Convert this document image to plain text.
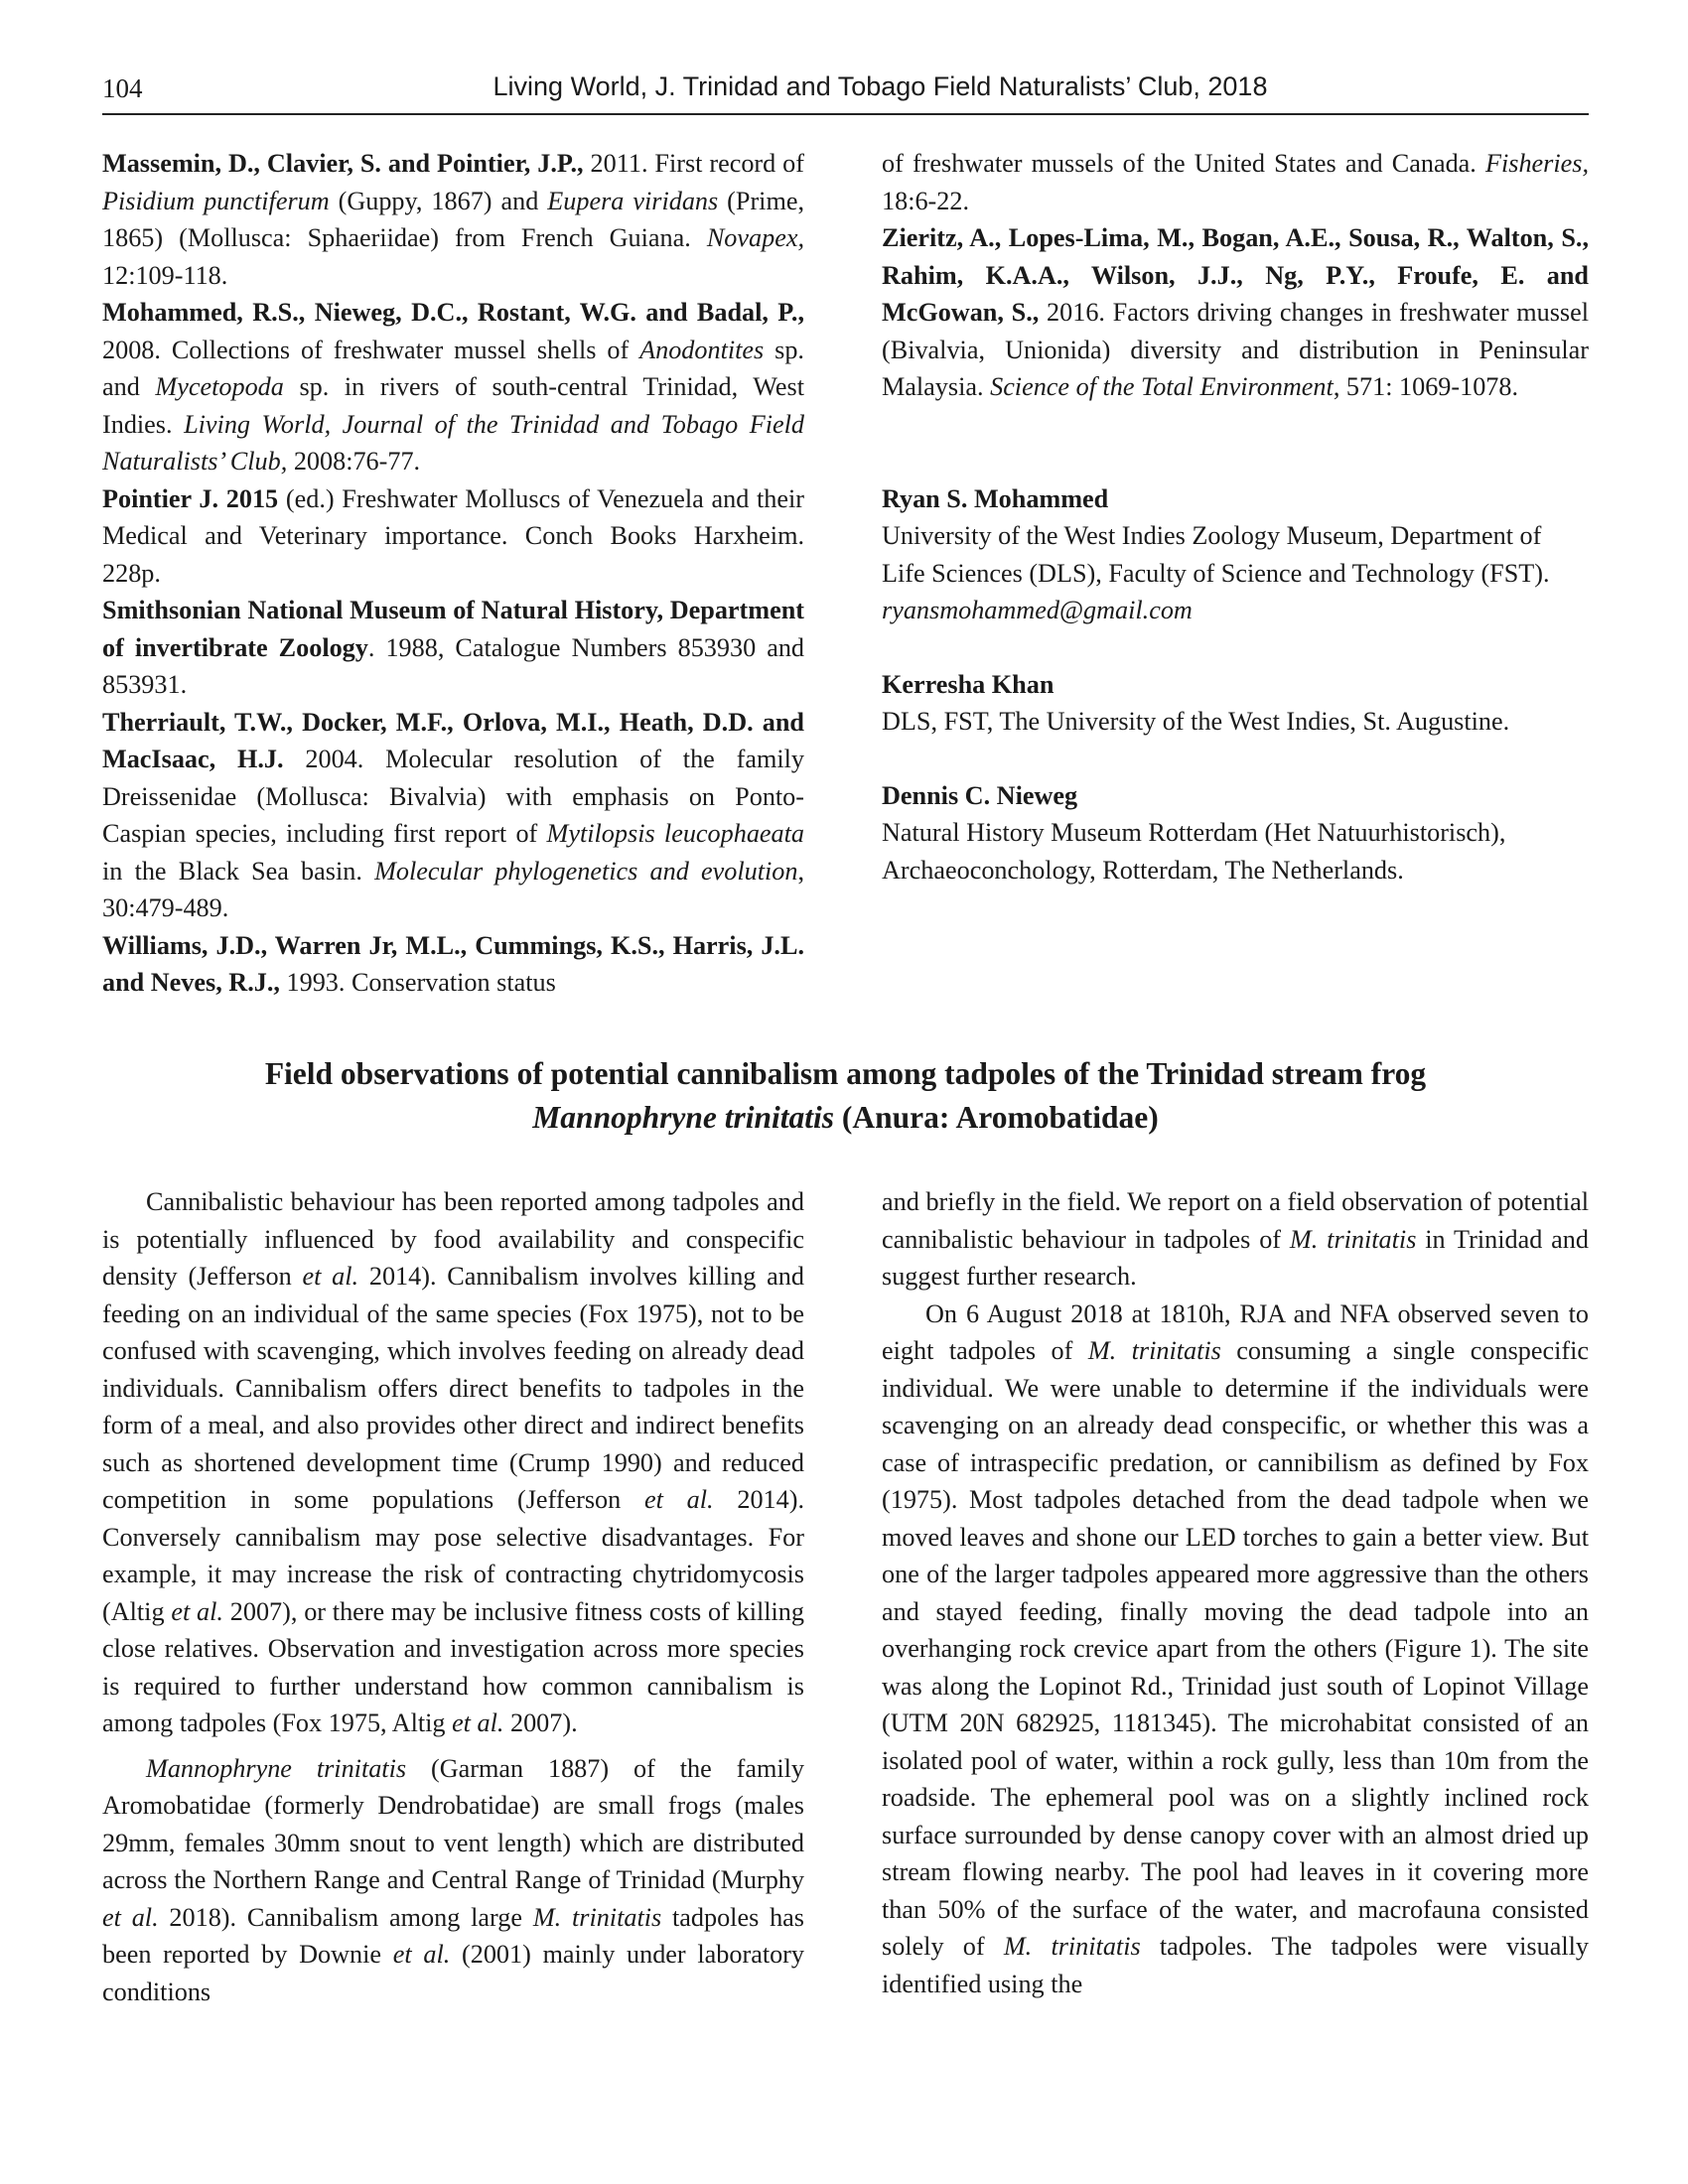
104	Living World, J. Trinidad and Tobago Field Naturalists’ Club, 2018

Massemin, D., Clavier, S. and Pointier, J.P., 2011. First record of Pisidium punctiferum (Guppy, 1867) and Eupera viridans (Prime, 1865) (Mollusca: Sphaeriidae) from French Guiana. Novapex, 12:109-118.

Mohammed, R.S., Nieweg, D.C., Rostant, W.G. and Badal, P., 2008. Collections of freshwater mussel shells of Anodontites sp. and Mycetopoda sp. in rivers of south-central Trinidad, West Indies. Living World, Journal of the Trinidad and Tobago Field Naturalists’ Club, 2008:76-77.

Pointier J. 2015 (ed.) Freshwater Molluscs of Venezuela and their Medical and Veterinary importance. Conch Books Harxheim. 228p.

Smithsonian National Museum of Natural History, Department of invertibrate Zoology. 1988, Catalogue Numbers 853930 and 853931.

Therriault, T.W., Docker, M.F., Orlova, M.I., Heath, D.D. and MacIsaac, H.J. 2004. Molecular resolution of the family Dreissenidae (Mollusca: Bivalvia) with emphasis on Ponto-Caspian species, including first report of Mytilopsis leucophaeata in the Black Sea basin. Molecular phylogenetics and evolution, 30:479-489.

Williams, J.D., Warren Jr, M.L., Cummings, K.S., Harris, J.L. and Neves, R.J., 1993. Conservation status

of freshwater mussels of the United States and Canada. Fisheries, 18:6-22.

Zieritz, A., Lopes-Lima, M., Bogan, A.E., Sousa, R., Walton, S., Rahim, K.A.A., Wilson, J.J., Ng, P.Y., Froufe, E. and McGowan, S., 2016. Factors driving changes in freshwater mussel (Bivalvia, Unionida) diversity and distribution in Peninsular Malaysia. Science of the Total Environment, 571: 1069-1078.

Ryan S. Mohammed
University of the West Indies Zoology Museum, Department of Life Sciences (DLS), Faculty of Science and Technology (FST).
ryansmohammed@gmail.com
Kerresha Khan
DLS, FST, The University of the West Indies, St. Augustine.
Dennis C. Nieweg
Natural History Museum Rotterdam (Het Natuurhistorisch), Archaeoconchology, Rotterdam, The Netherlands.
Field observations of potential cannibalism among tadpoles of the Trinidad stream frog
Mannophryne trinitatis (Anura: Aromobatidae)

Cannibalistic behaviour has been reported among tadpoles and is potentially influenced by food availability and conspecific density (Jefferson et al. 2014). Cannibalism involves killing and feeding on an individual of the same species (Fox 1975), not to be confused with scavenging, which involves feeding on already dead individuals. Cannibalism offers direct benefits to tadpoles in the form of a meal, and also provides other direct and indirect benefits such as shortened development time (Crump 1990) and reduced competition in some populations (Jefferson et al. 2014). Conversely cannibalism may pose selective disadvantages. For example, it may increase the risk of contracting chytridomycosis (Altig et al. 2007), or there may be inclusive fitness costs of killing close relatives. Observation and investigation across more species is required to further understand how common cannibalism is among tadpoles (Fox 1975, Altig et al. 2007).

Mannophryne trinitatis (Garman 1887) of the family Aromobatidae (formerly Dendrobatidae) are small frogs (males 29mm, females 30mm snout to vent length) which are distributed across the Northern Range and Central Range of Trinidad (Murphy et al. 2018). Cannibalism among large M. trinitatis tadpoles has been reported by Downie et al. (2001) mainly under laboratory conditions

and briefly in the field. We report on a field observation of potential cannibalistic behaviour in tadpoles of M. trinitatis in Trinidad and suggest further research.

On 6 August 2018 at 1810h, RJA and NFA observed seven to eight tadpoles of M. trinitatis consuming a single conspecific individual. We were unable to determine if the individuals were scavenging on an already dead conspecific, or whether this was a case of intraspecific predation, or cannibilism as defined by Fox (1975). Most tadpoles detached from the dead tadpole when we moved leaves and shone our LED torches to gain a better view. But one of the larger tadpoles appeared more aggressive than the others and stayed feeding, finally moving the dead tadpole into an overhanging rock crevice apart from the others (Figure 1). The site was along the Lopinot Rd., Trinidad just south of Lopinot Village (UTM 20N 682925, 1181345). The microhabitat consisted of an isolated pool of water, within a rock gully, less than 10m from the roadside. The ephemeral pool was on a slightly inclined rock surface surrounded by dense canopy cover with an almost dried up stream flowing nearby. The pool had leaves in it covering more than 50% of the surface of the water, and macrofauna consisted solely of M. trinitatis tadpoles. The tadpoles were visually identified using the
